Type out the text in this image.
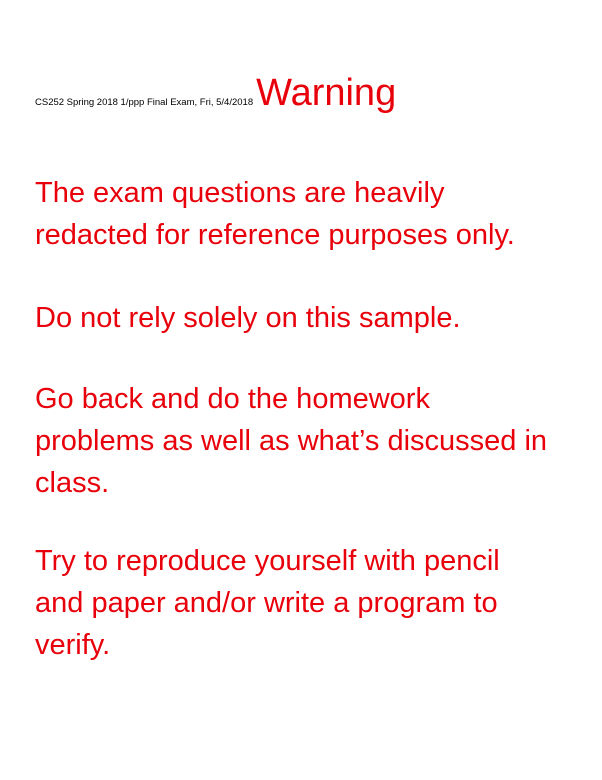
CS252 Spring 2018 1/ppp Final Exam, Fri, 5/4/2018 Warning

The exam questions are heavily
redacted for reference purposes only.

Do not rely solely on this sample.

Go back and do the homework
problems as well as what’s discussed in
class.

Try to reproduce yourself with pencil
and paper and/or write a program to
verify.
